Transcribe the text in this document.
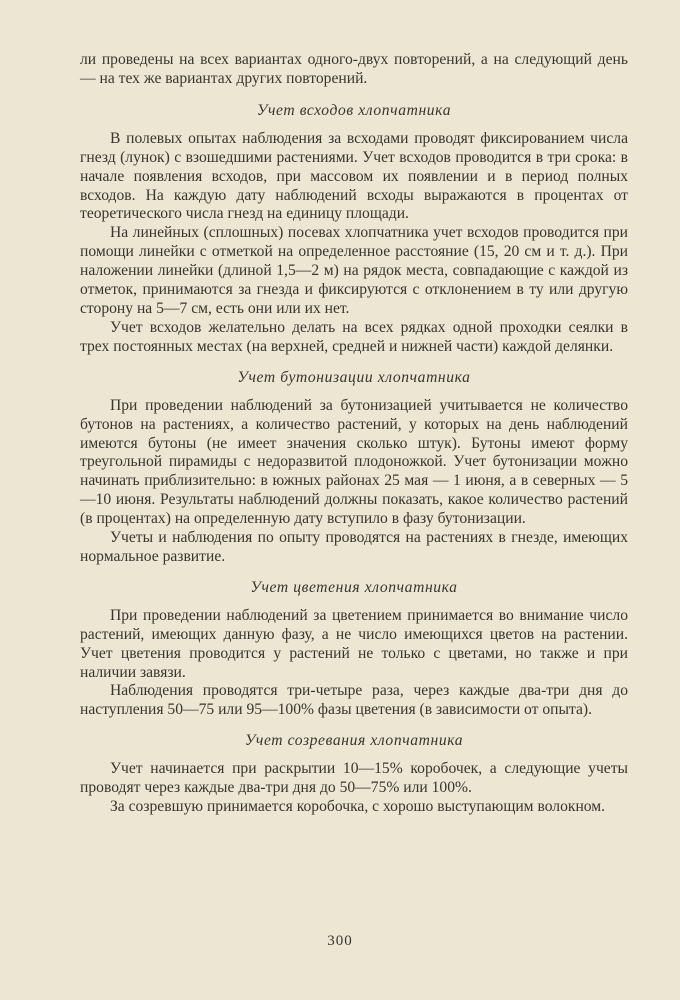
ли проведены на всех вариантах одного-двух повторений, а на следующий день — на тех же вариантах других повторений.

Учет всходов хлопчатника

В полевых опытах наблюдения за всходами проводят фиксированием числа гнезд (лунок) с взошедшими растениями. Учет всходов проводится в три срока: в начале появления всходов, при массовом их появлении и в период полных всходов. На каждую дату наблюдений всходы выражаются в процентах от теоретического числа гнезд на единицу площади.

На линейных (сплошных) посевах хлопчатника учет всходов проводится при помощи линейки с отметкой на определенное расстояние (15, 20 см и т. д.). При наложении линейки (длиной 1,5—2 м) на рядок места, совпадающие с каждой из отметок, принимаются за гнезда и фиксируются с отклонением в ту или другую сторону на 5—7 см, есть они или их нет.

Учет всходов желательно делать на всех рядках одной проходки сеялки в трех постоянных местах (на верхней, средней и нижней части) каждой делянки.

Учет бутонизации хлопчатника

При проведении наблюдений за бутонизацией учитывается не количество бутонов на растениях, а количество растений, у которых на день наблюдений имеются бутоны (не имеет значения сколько штук). Бутоны имеют форму треугольной пирамиды с недоразвитой плодоножкой. Учет бутонизации можно начинать приблизительно: в южных районах 25 мая — 1 июня, а в северных — 5—10 июня. Результаты наблюдений должны показать, какое количество растений (в процентах) на определенную дату вступило в фазу бутонизации.

Учеты и наблюдения по опыту проводятся на растениях в гнезде, имеющих нормальное развитие.

Учет цветения хлопчатника

При проведении наблюдений за цветением принимается во внимание число растений, имеющих данную фазу, а не число имеющихся цветов на растении. Учет цветения проводится у растений не только с цветами, но также и при наличии завязи.

Наблюдения проводятся три-четыре раза, через каждые два-три дня до наступления 50—75 или 95—100% фазы цветения (в зависимости от опыта).

Учет созревания хлопчатника

Учет начинается при раскрытии 10—15% коробочек, а следующие учеты проводят через каждые два-три дня до 50—75% или 100%.

За созревшую принимается коробочка, с хорошо выступающим волокном.

300
